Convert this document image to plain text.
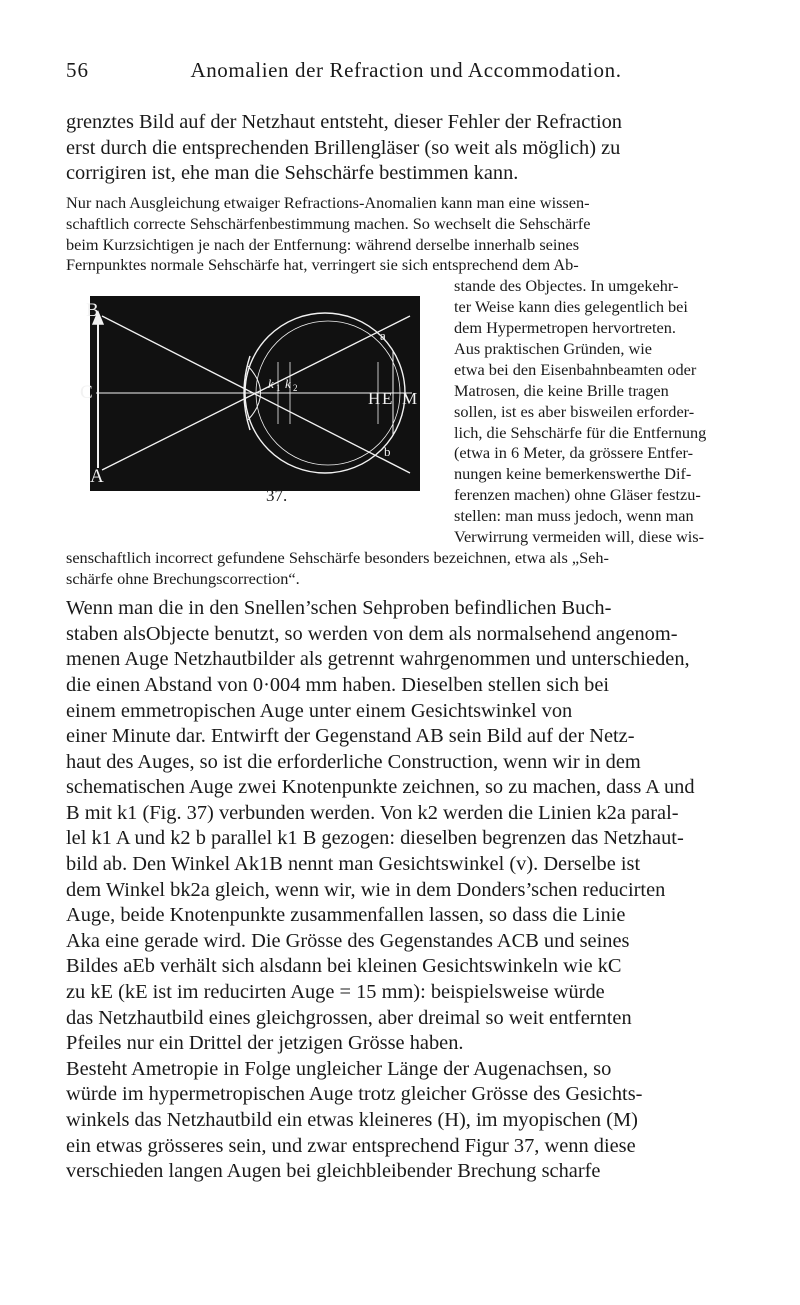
56	Anomalien der Refraction und Accommodation.
grenztes Bild auf der Netzhaut entsteht, dieser Fehler der Refraction
erst durch die entsprechenden Brillengläser (so weit als möglich) zu
corrigiren ist, ehe man die Sehschärfe bestimmen kann.
Nur nach Ausgleichung etwaiger Refractions-Anomalien kann man eine wissen-
schaftlich correcte Sehschärfenbestimmung machen. So wechselt die Sehschärfe
beim Kurzsichtigen je nach der Entfernung: während derselbe innerhalb seines
Fernpunktes normale Sehschärfe hat, verringert sie sich entsprechend dem Ab-
B
C
A
k 1 k 2
H E M
a
b
37.
stande des Objectes. In umgekehr-
ter Weise kann dies gelegentlich bei
dem Hypermetropen hervortreten.
Aus praktischen Gründen, wie
etwa bei den Eisenbahnbeamten oder
Matrosen, die keine Brille tragen
sollen, ist es aber bisweilen erforder-
lich, die Sehschärfe für die Entfernung
(etwa in 6 Meter, da grössere Entfer-
nungen keine bemerkenswerthe Dif-
ferenzen machen) ohne Gläser festzu-
stellen: man muss jedoch, wenn man
Verwirrung vermeiden will, diese wis-
senschaftlich incorrect gefundene Sehschärfe besonders bezeichnen, etwa als „Seh-
schärfe ohne Brechungscorrection“.
Wenn man die in den Snellen’schen Sehproben befindlichen Buch-
staben alsObjecte benutzt, so werden von dem als normalsehend angenom-
menen Auge Netzhautbilder als getrennt wahrgenommen und unterschieden,
die einen Abstand von 0·004 mm haben. Dieselben stellen sich bei
einem emmetropischen Auge unter einem Gesichtswinkel von
einer Minute dar. Entwirft der Gegenstand AB sein Bild auf der Netz-
haut des Auges, so ist die erforderliche Construction, wenn wir in dem
schematischen Auge zwei Knotenpunkte zeichnen, so zu machen, dass A und
B mit k1 (Fig. 37) verbunden werden. Von k2 werden die Linien k2a paral-
lel k1 A und k2 b parallel k1 B gezogen: dieselben begrenzen das Netzhaut-
bild ab. Den Winkel Ak1B nennt man Gesichtswinkel (v). Derselbe ist
dem Winkel bk2a gleich, wenn wir, wie in dem Donders’schen reducirten
Auge, beide Knotenpunkte zusammenfallen lassen, so dass die Linie
Aka eine gerade wird. Die Grösse des Gegenstandes ACB und seines
Bildes aEb verhält sich alsdann bei kleinen Gesichtswinkeln wie kC
zu kE (kE ist im reducirten Auge = 15 mm): beispielsweise würde
das Netzhautbild eines gleichgrossen, aber dreimal so weit entfernten
Pfeiles nur ein Drittel der jetzigen Grösse haben.
Besteht Ametropie in Folge ungleicher Länge der Augenachsen, so
würde im hypermetropischen Auge trotz gleicher Grösse des Gesichts-
winkels das Netzhautbild ein etwas kleineres (H), im myopischen (M)
ein etwas grösseres sein, und zwar entsprechend Figur 37, wenn diese
verschieden langen Augen bei gleichbleibender Brechung scharfe
